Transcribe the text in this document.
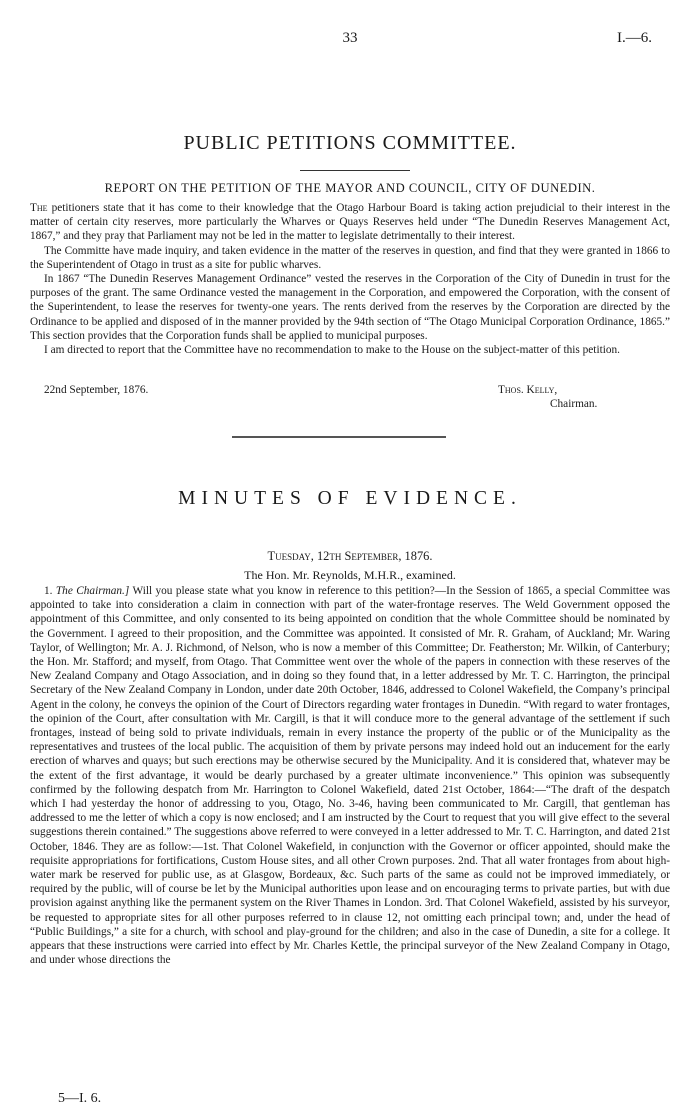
33	I.—6.
PUBLIC PETITIONS COMMITTEE.
REPORT ON THE PETITION OF THE MAYOR AND COUNCIL, CITY OF DUNEDIN.

The petitioners state that it has come to their knowledge that the Otago Harbour Board is taking action prejudicial to their interest in the matter of certain city reserves, more particularly the Wharves or Quays Reserves held under “The Dunedin Reserves Management Act, 1867,” and they pray that Parliament may not be led in the matter to legislate detrimentally to their interest.

The Committe have made inquiry, and taken evidence in the matter of the reserves in question, and find that they were granted in 1866 to the Superintendent of Otago in trust as a site for public wharves.

In 1867 “The Dunedin Reserves Management Ordinance” vested the reserves in the Corporation of the City of Dunedin in trust for the purposes of the grant. The same Ordinance vested the management in the Corporation, and empowered the Corporation, with the consent of the Superintendent, to lease the reserves for twenty-one years. The rents derived from the reserves by the Corporation are directed by the Ordinance to be applied and disposed of in the manner provided by the 94th section of “The Otago Municipal Corporation Ordinance, 1865.” This section provides that the Corporation funds shall be applied to municipal purposes.

I am directed to report that the Committee have no recommendation to make to the House on the subject-matter of this petition.

22nd September, 1876.	Thos. Kelly,
Chairman.
MINUTES OF EVIDENCE.
Tuesday, 12th September, 1876.
The Hon. Mr. Reynolds, M.H.R., examined.

1. The Chairman.] Will you please state what you know in reference to this petition?—In the Session of 1865, a special Committee was appointed to take into consideration a claim in connection with part of the water-frontage reserves. The Weld Government opposed the appointment of this Committee, and only consented to its being appointed on condition that the whole Committee should be nominated by the Government. I agreed to their proposition, and the Committee was appointed. It consisted of Mr. R. Graham, of Auckland; Mr. Waring Taylor, of Wellington; Mr. A. J. Richmond, of Nelson, who is now a member of this Committee; Dr. Featherston; Mr. Wilkin, of Canterbury; the Hon. Mr. Stafford; and myself, from Otago. That Committee went over the whole of the papers in connection with these reserves of the New Zealand Company and Otago Association, and in doing so they found that, in a letter addressed by Mr. T. C. Harrington, the principal Secretary of the New Zealand Company in London, under date 20th October, 1846, addressed to Colonel Wakefield, the Company’s principal Agent in the colony, he conveys the opinion of the Court of Directors regarding water frontages in Dunedin. “With regard to water frontages, the opinion of the Court, after consultation with Mr. Cargill, is that it will conduce more to the general advantage of the settlement if such frontages, instead of being sold to private individuals, remain in every instance the property of the public or of the Municipality as the representatives and trustees of the local public. The acquisition of them by private persons may indeed hold out an inducement for the early erection of wharves and quays; but such erections may be otherwise secured by the Municipality. And it is considered that, whatever may be the extent of the first advantage, it would be dearly purchased by a greater ultimate inconvenience.” This opinion was subsequently confirmed by the following despatch from Mr. Harrington to Colonel Wakefield, dated 21st October, 1864:—“The draft of the despatch which I had yesterday the honor of addressing to you, Otago, No. 3-46, having been communicated to Mr. Cargill, that gentleman has addressed to me the letter of which a copy is now enclosed; and I am instructed by the Court to request that you will give effect to the several suggestions therein contained.” The suggestions above referred to were conveyed in a letter addressed to Mr. T. C. Harrington, and dated 21st October, 1846. They are as follow:—1st. That Colonel Wakefield, in conjunction with the Governor or officer appointed, should make the requisite appropriations for fortifications, Custom House sites, and all other Crown purposes. 2nd. That all water frontages from about high-water mark be reserved for public use, as at Glasgow, Bordeaux, &c. Such parts of the same as could not be improved immediately, or required by the public, will of course be let by the Municipal authorities upon lease and on encouraging terms to private parties, but with due provision against anything like the permanent system on the River Thames in London. 3rd. That Colonel Wakefield, assisted by his surveyor, be requested to appropriate sites for all other purposes referred to in clause 12, not omitting each principal town; and, under the head of “Public Buildings,” a site for a church, with school and play-ground for the children; and also in the case of Dunedin, a site for a college. It appears that these instructions were carried into effect by Mr. Charles Kettle, the principal surveyor of the New Zealand Company in Otago, and under whose directions the

5—I. 6.
